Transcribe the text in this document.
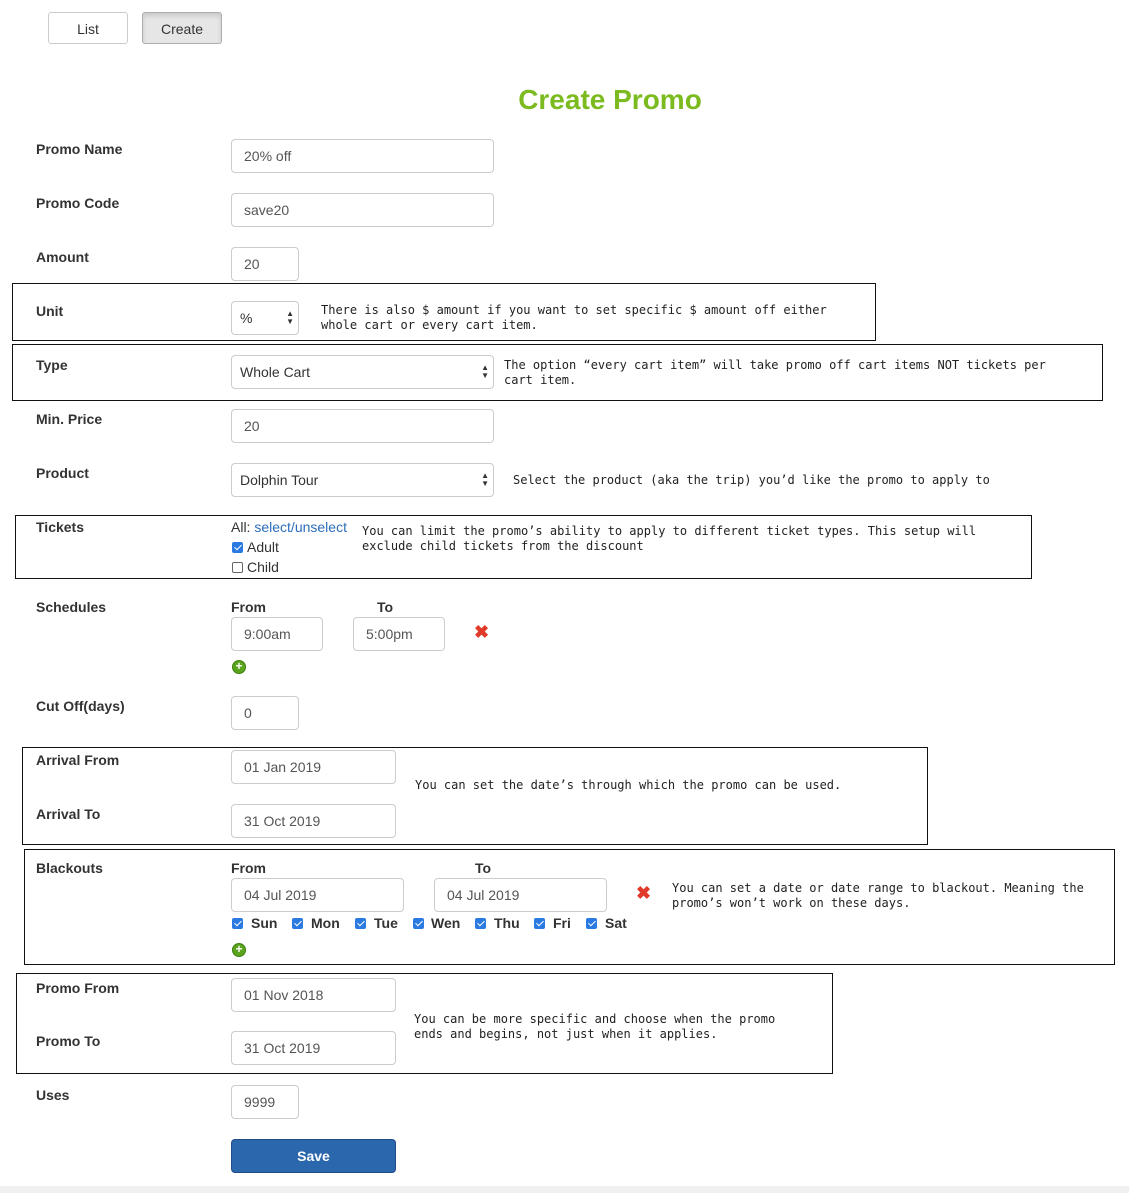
List	Create
Create Promo
Promo Name	20% off
Promo Code	save20
Amount	20
Unit	%	▲
▼
There is also $ amount if you want to set specific $ amount off either
whole cart or every cart item.
Type	Whole Cart	▲
▼
The option “every cart item” will take promo off cart items NOT tickets per
cart item.
Min. Price	20
Product	Dolphin Tour	▲
▼ Select the product (aka the trip) you’d like the promo to apply to
Tickets	All: select/unselect
Adult
Child
You can limit the promo’s ability to apply to different ticket types. This setup will
exclude child tickets from the discount
Schedules	From	To
9:00am	5:00pm	✖
+
Cut Off(days)	0
Arrival From	01 Jan 2019
Arrival To	31 Oct 2019
You can set the date’s through which the promo can be used.
Blackouts	From	To
04 Jul 2019	04 Jul 2019	✖ You can set a date or date range to blackout. Meaning the
promo’s won’t work on these days.
Sun Mon Tue Wen Thu Fri Sat
+
Promo From	01 Nov 2018
Promo To	31 Oct 2019
You can be more specific and choose when the promo
ends and begins, not just when it applies.
Uses	9999
Save
